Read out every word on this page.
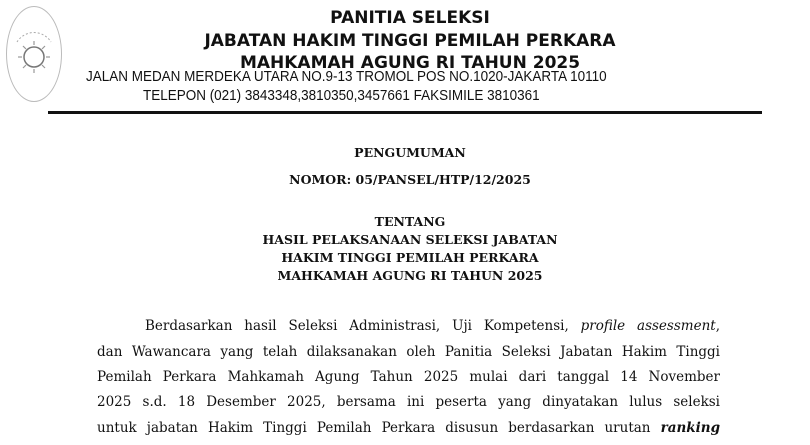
PANITIA SELEKSI
JABATAN HAKIM TINGGI PEMILAH PERKARA
MAHKAMAH AGUNG RI TAHUN 2025
JALAN MEDAN MERDEKA UTARA NO.9-13 TROMOL POS NO.1020-JAKARTA 10110
TELEPON (021) 3843348,3810350,3457661 FAKSIMILE 3810361
PENGUMUMAN
NOMOR: 05/PANSEL/HTP/12/2025
TENTANG
HASIL PELAKSANAAN SELEKSI JABATAN
HAKIM TINGGI PEMILAH PERKARA
MAHKAMAH AGUNG RI TAHUN 2025
Berdasarkan hasil Seleksi Administrasi, Uji Kompetensi, profile assessment,
dan Wawancara yang telah dilaksanakan oleh Panitia Seleksi Jabatan Hakim Tinggi
Pemilah Perkara Mahkamah Agung Tahun 2025 mulai dari tanggal 14 November
2025 s.d. 18 Desember 2025, bersama ini peserta yang dinyatakan lulus seleksi
untuk jabatan Hakim Tinggi Pemilah Perkara disusun berdasarkan urutan ranking
